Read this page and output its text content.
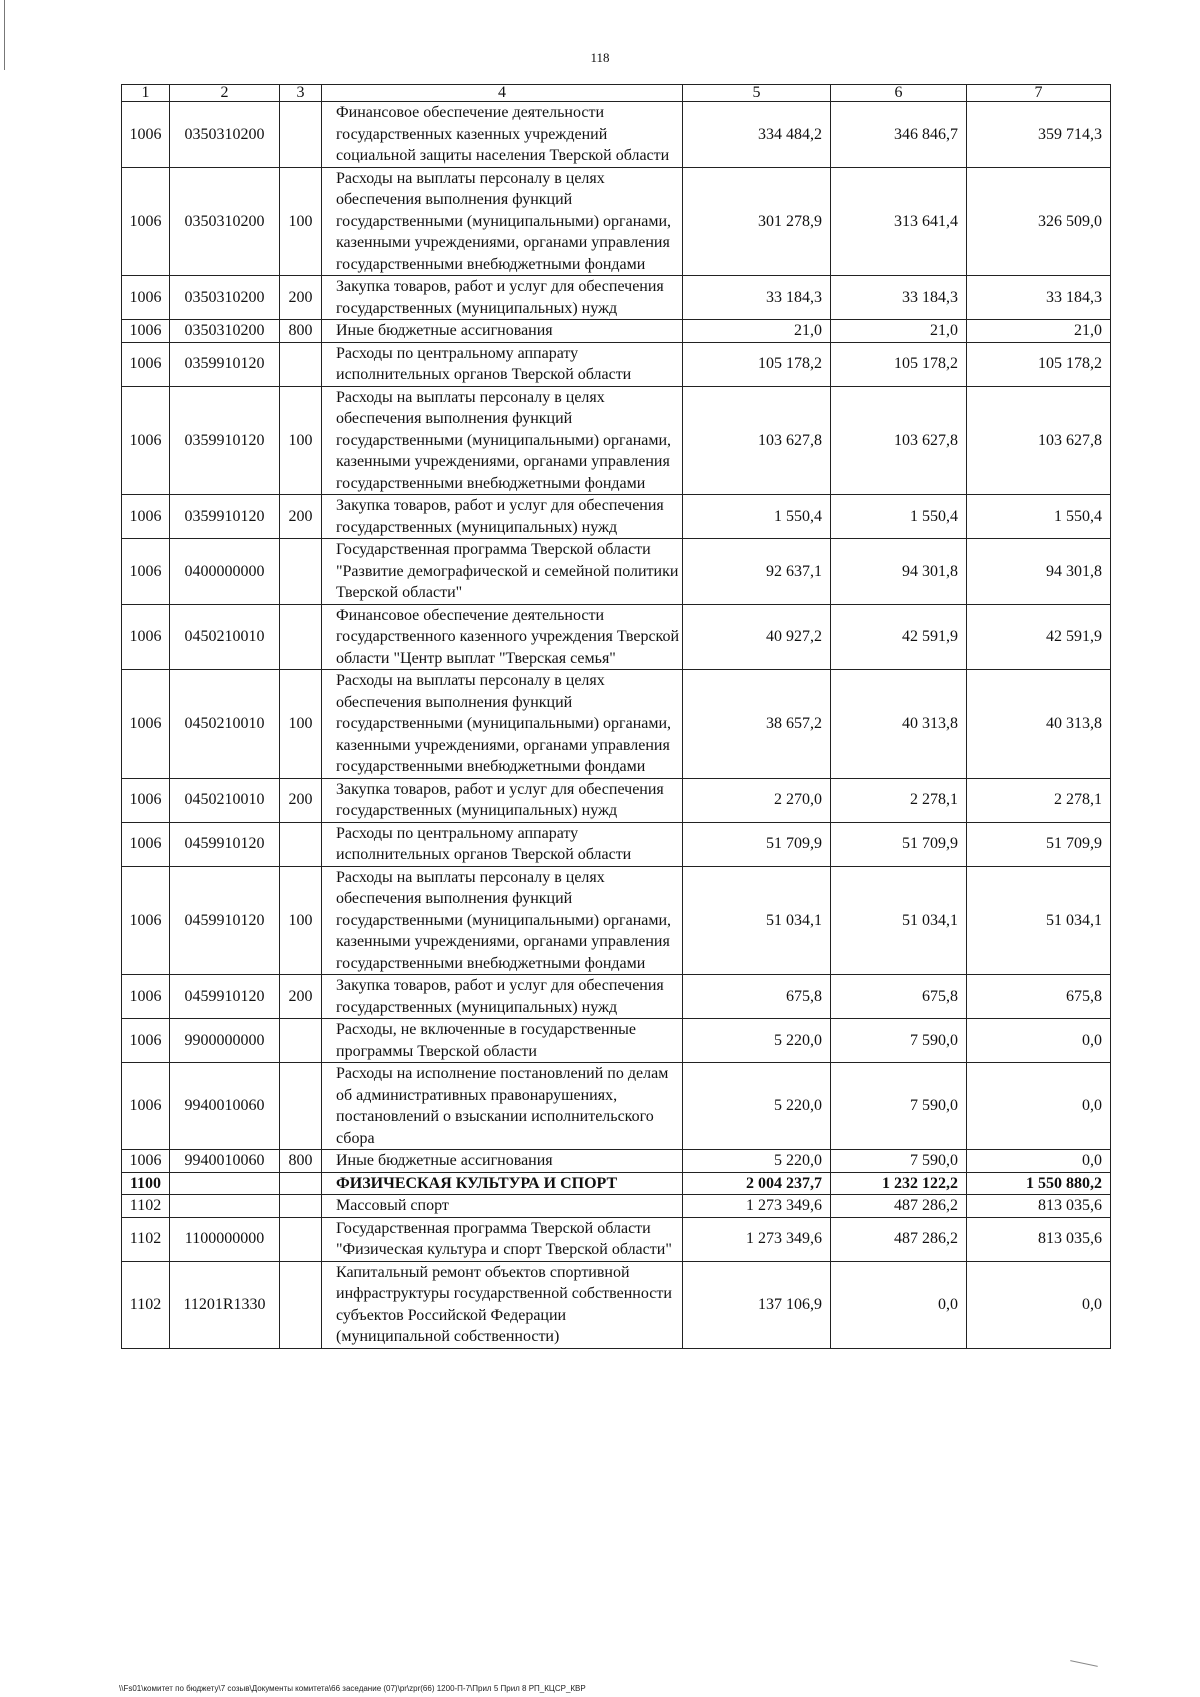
118
1	2	3	4	5	6	7
1006	0350310200		Финансовое обеспечение деятельности государственных казенных учреждений социальной защиты населения Тверской области	334 484,2	346 846,7	359 714,3
1006	0350310200	100	Расходы на выплаты персоналу в целях обеспечения выполнения функций государственными (муниципальными) органами, казенными учреждениями, органами управления государственными внебюджетными фондами	301 278,9	313 641,4	326 509,0
1006	0350310200	200	Закупка товаров, работ и услуг для обеспечения государственных (муниципальных) нужд	33 184,3	33 184,3	33 184,3
1006	0350310200	800	Иные бюджетные ассигнования	21,0	21,0	21,0
1006	0359910120		Расходы по центральному аппарату исполнительных органов Тверской области	105 178,2	105 178,2	105 178,2
1006	0359910120	100	Расходы на выплаты персоналу в целях обеспечения выполнения функций государственными (муниципальными) органами, казенными учреждениями, органами управления государственными внебюджетными фондами	103 627,8	103 627,8	103 627,8
1006	0359910120	200	Закупка товаров, работ и услуг для обеспечения государственных (муниципальных) нужд	1 550,4	1 550,4	1 550,4
1006	0400000000		Государственная программа Тверской области "Развитие демографической и семейной политики Тверской области"	92 637,1	94 301,8	94 301,8
1006	0450210010		Финансовое обеспечение деятельности государственного казенного учреждения Тверской области "Центр выплат "Тверская семья"	40 927,2	42 591,9	42 591,9
1006	0450210010	100	Расходы на выплаты персоналу в целях обеспечения выполнения функций государственными (муниципальными) органами, казенными учреждениями, органами управления государственными внебюджетными фондами	38 657,2	40 313,8	40 313,8
1006	0450210010	200	Закупка товаров, работ и услуг для обеспечения государственных (муниципальных) нужд	2 270,0	2 278,1	2 278,1
1006	0459910120		Расходы по центральному аппарату исполнительных органов Тверской области	51 709,9	51 709,9	51 709,9
1006	0459910120	100	Расходы на выплаты персоналу в целях обеспечения выполнения функций государственными (муниципальными) органами, казенными учреждениями, органами управления государственными внебюджетными фондами	51 034,1	51 034,1	51 034,1
1006	0459910120	200	Закупка товаров, работ и услуг для обеспечения государственных (муниципальных) нужд	675,8	675,8	675,8
1006	9900000000		Расходы, не включенные в государственные программы Тверской области	5 220,0	7 590,0	0,0
1006	9940010060		Расходы на исполнение постановлений по делам об административных правонарушениях, постановлений о взыскании исполнительского сбора	5 220,0	7 590,0	0,0
1006	9940010060	800	Иные бюджетные ассигнования	5 220,0	7 590,0	0,0
1100			ФИЗИЧЕСКАЯ КУЛЬТУРА И СПОРТ	2 004 237,7	1 232 122,2	1 550 880,2
1102			Массовый спорт	1 273 349,6	487 286,2	813 035,6
1102	1100000000		Государственная программа Тверской области "Физическая культура и спорт Тверской области"	1 273 349,6	487 286,2	813 035,6
1102	11201R1330		Капитальный ремонт объектов спортивной инфраструктуры государственной собственности субъектов Российской Федерации (муниципальной собственности)	137 106,9	0,0	0,0
\\Fs01\комитет по бюджету\7 созыв\Документы комитета\66 заседание (07)\pr\zpr(66) 1200-П-7\Прил 5 Прил 8 РП_КЦСР_КВР
